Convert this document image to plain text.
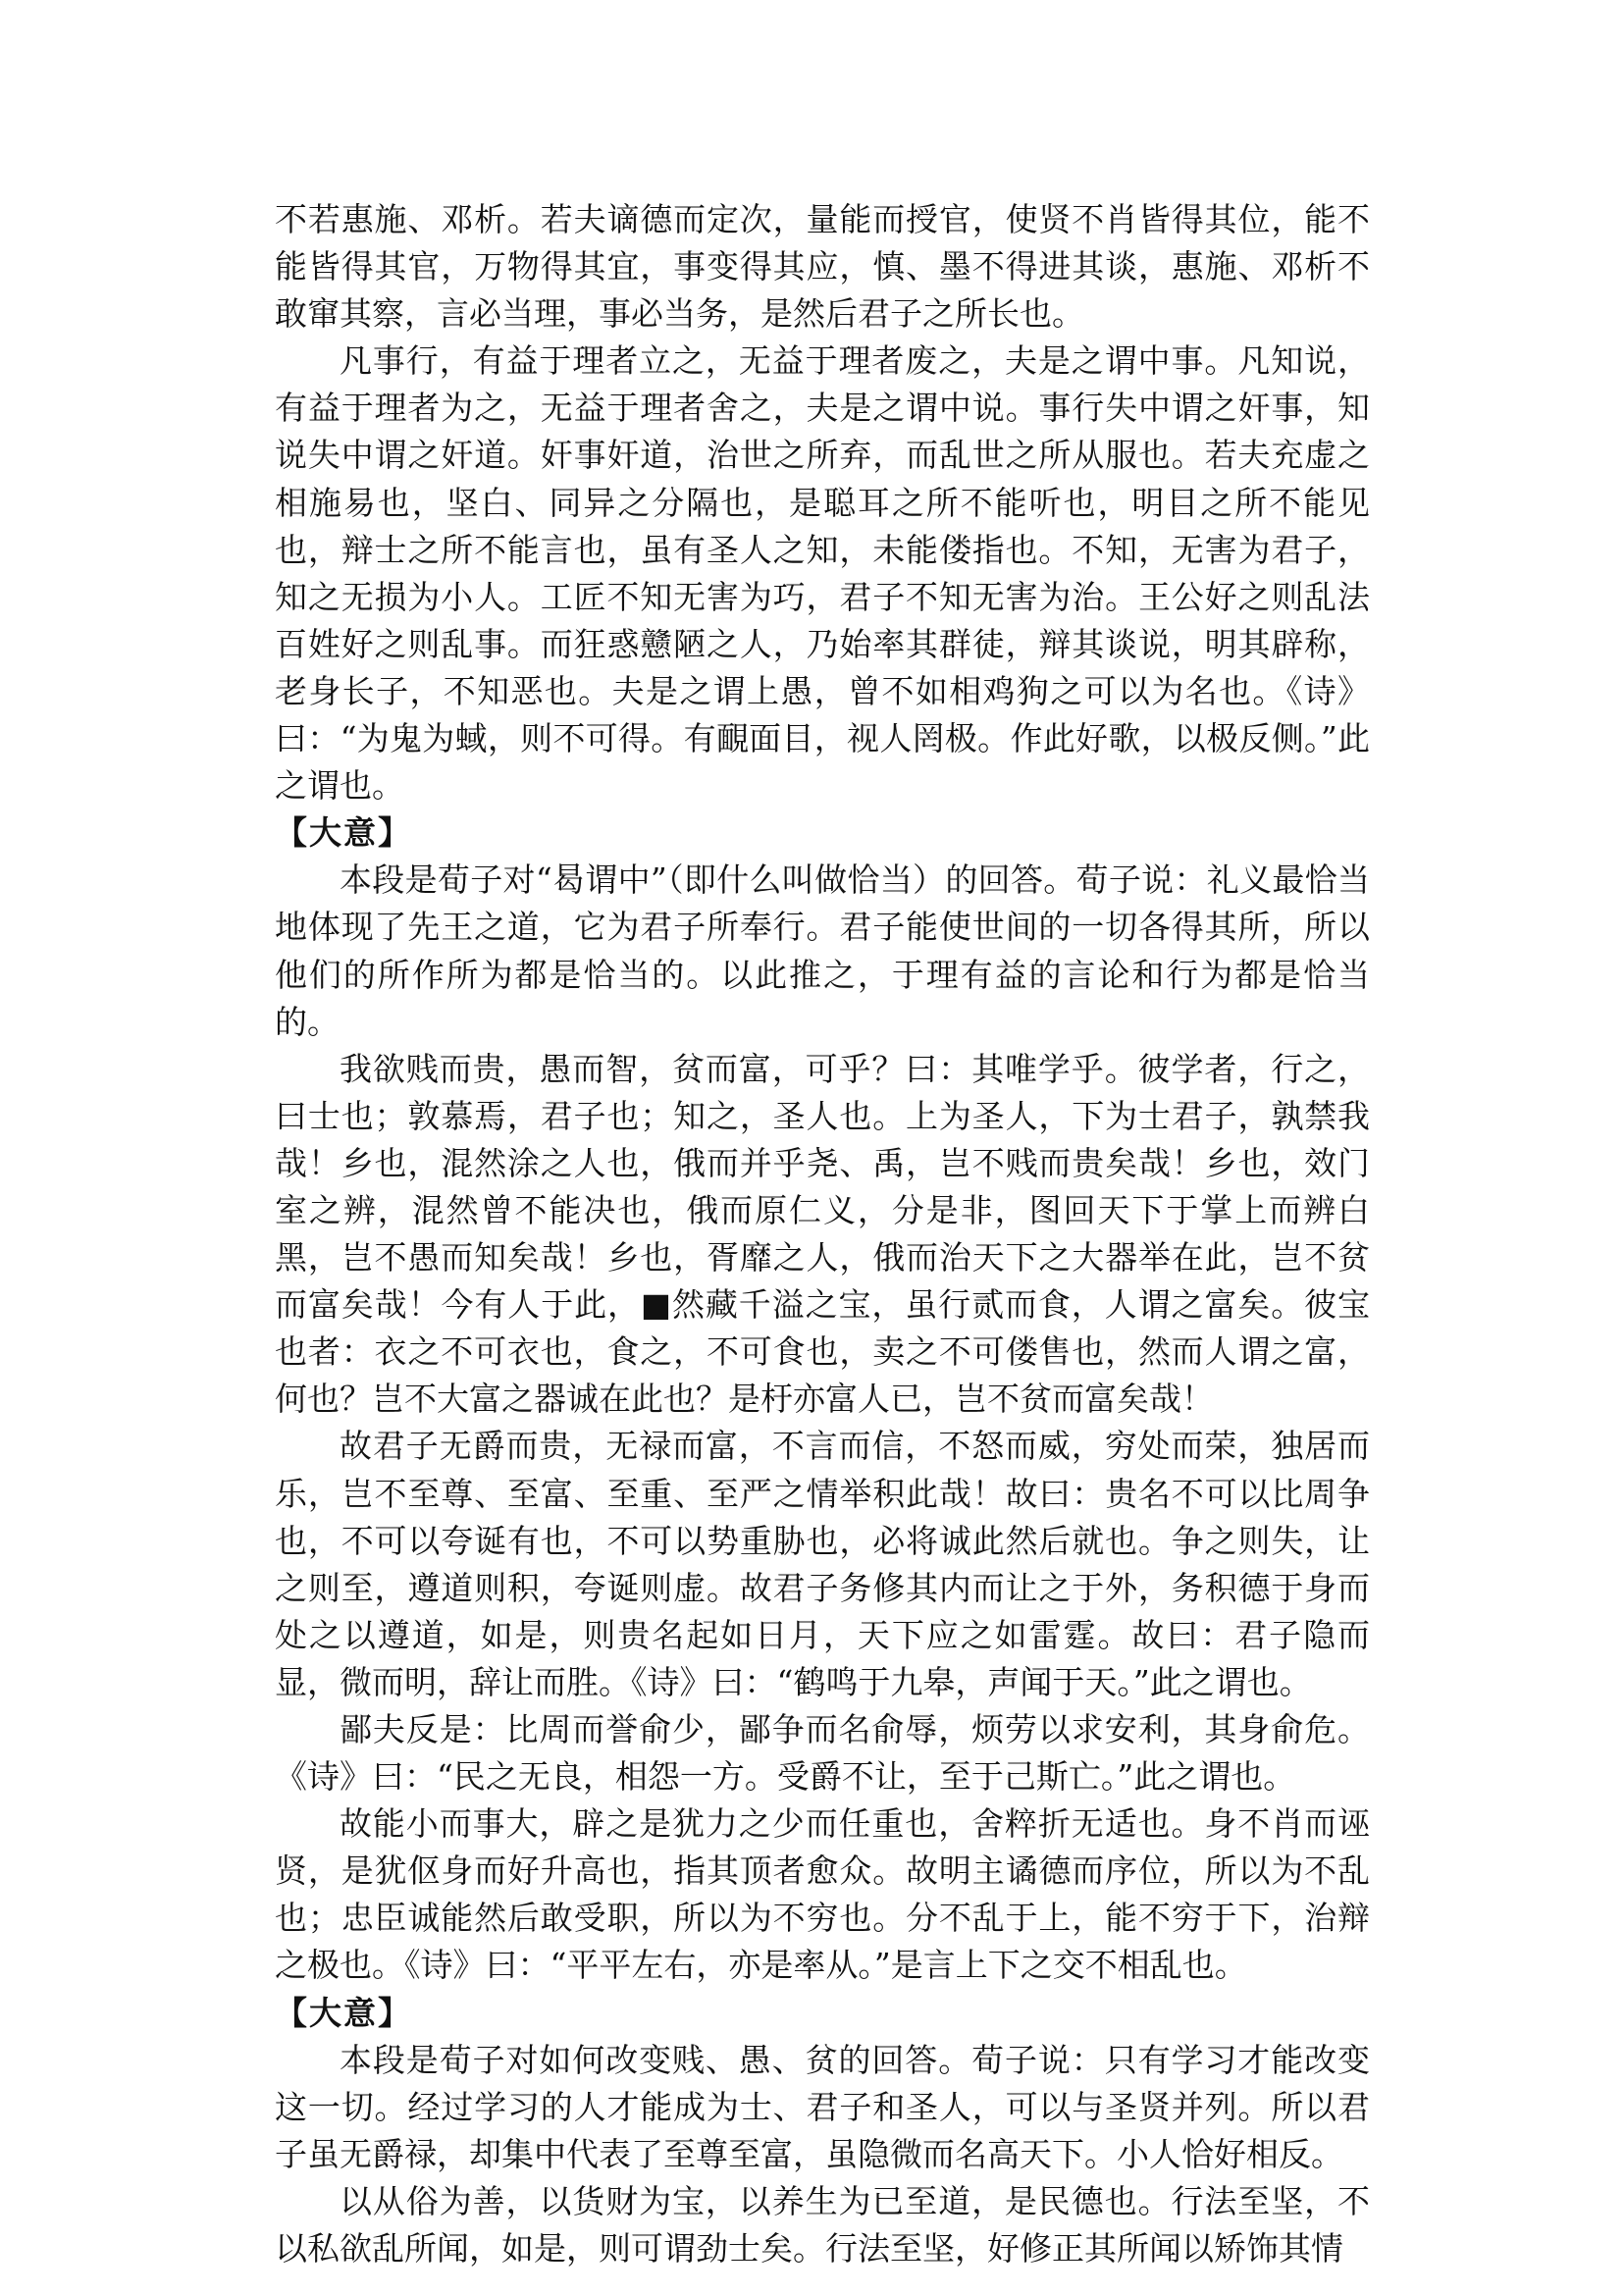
不若惠施、邓析。若夫谪德而定次，量能而授官，使贤不肖皆得其位，能不能皆得其官，万物得其宜，事变得其应，慎、墨不得进其谈，惠施、邓析不敢窜其察，言必当理，事必当务，是然后君子之所长也。

凡事行，有益于理者立之，无益于理者废之，夫是之谓中事。凡知说，有益于理者为之，无益于理者舍之，夫是之谓中说。事行失中谓之奸事，知说失中谓之奸道。奸事奸道，治世之所弃，而乱世之所从服也。若夫充虚之相施易也，坚白、同异之分隔也，是聪耳之所不能听也，明目之所不能见也，辩士之所不能言也，虽有圣人之知，未能偻指也。不知，无害为君子，知之无损为小人。工匠不知无害为巧，君子不知无害为治。王公好之则乱法百姓好之则乱事。而狂惑戆陋之人，乃始率其群徒，辩其谈说，明其辟称，老身长子，不知恶也。夫是之谓上愚，曾不如相鸡狗之可以为名也。《诗》曰：“为鬼为蜮，则不可得。有靦面目，视人罔极。作此好歌，以极反侧。”此之谓也。

【大意】

本段是荀子对“曷谓中”（即什么叫做恰当）的回答。荀子说：礼义最恰当地体现了先王之道，它为君子所奉行。君子能使世间的一切各得其所，所以他们的所作所为都是恰当的。以此推之，于理有益的言论和行为都是恰当的。

我欲贱而贵，愚而智，贫而富，可乎？曰：其唯学乎。彼学者，行之，曰士也；敦慕焉，君子也；知之，圣人也。上为圣人，下为士君子，孰禁我哉！乡也，混然涂之人也，俄而并乎尧、禹，岂不贱而贵矣哉！乡也，效门室之辨，混然曾不能决也，俄而原仁义，分是非，图回天下于掌上而辨白黑，岂不愚而知矣哉！乡也，胥靡之人，俄而治天下之大器举在此，岂不贫而富矣哉！今有人于此，■然藏千溢之宝，虽行贰而食，人谓之富矣。彼宝也者：衣之不可衣也，食之，不可食也，卖之不可偻售也，然而人谓之富，何也？岂不大富之器诚在此也？是杅亦富人已，岂不贫而富矣哉！

故君子无爵而贵，无禄而富，不言而信，不怒而威，穷处而荣，独居而乐，岂不至尊、至富、至重、至严之情举积此哉！故曰：贵名不可以比周争也，不可以夸诞有也，不可以势重胁也，必将诚此然后就也。争之则失，让之则至，遵道则积，夸诞则虚。故君子务修其内而让之于外，务积德于身而处之以遵道，如是，则贵名起如日月，天下应之如雷霆。故曰：君子隐而显，微而明，辞让而胜。《诗》曰：“鹤鸣于九皋，声闻于天。”此之谓也。

鄙夫反是：比周而誉俞少，鄙争而名俞辱，烦劳以求安利，其身俞危。《诗》曰：“民之无良，相怨一方。受爵不让，至于己斯亡。”此之谓也。

故能小而事大，辟之是犹力之少而任重也，舍粹折无适也。身不肖而诬贤，是犹伛身而好升高也，指其顶者愈众。故明主谲德而序位，所以为不乱也；忠臣诚能然后敢受职，所以为不穷也。分不乱于上，能不穷于下，治辩之极也。《诗》曰：“平平左右，亦是率从。”是言上下之交不相乱也。

【大意】

本段是荀子对如何改变贱、愚、贫的回答。荀子说：只有学习才能改变这一切。经过学习的人才能成为士、君子和圣人，可以与圣贤并列。所以君子虽无爵禄，却集中代表了至尊至富，虽隐微而名高天下。小人恰好相反。

以从俗为善，以货财为宝，以养生为已至道，是民德也。行法至坚，不以私欲乱所闻，如是，则可谓劲士矣。行法至坚，好修正其所闻以矫饰其情
